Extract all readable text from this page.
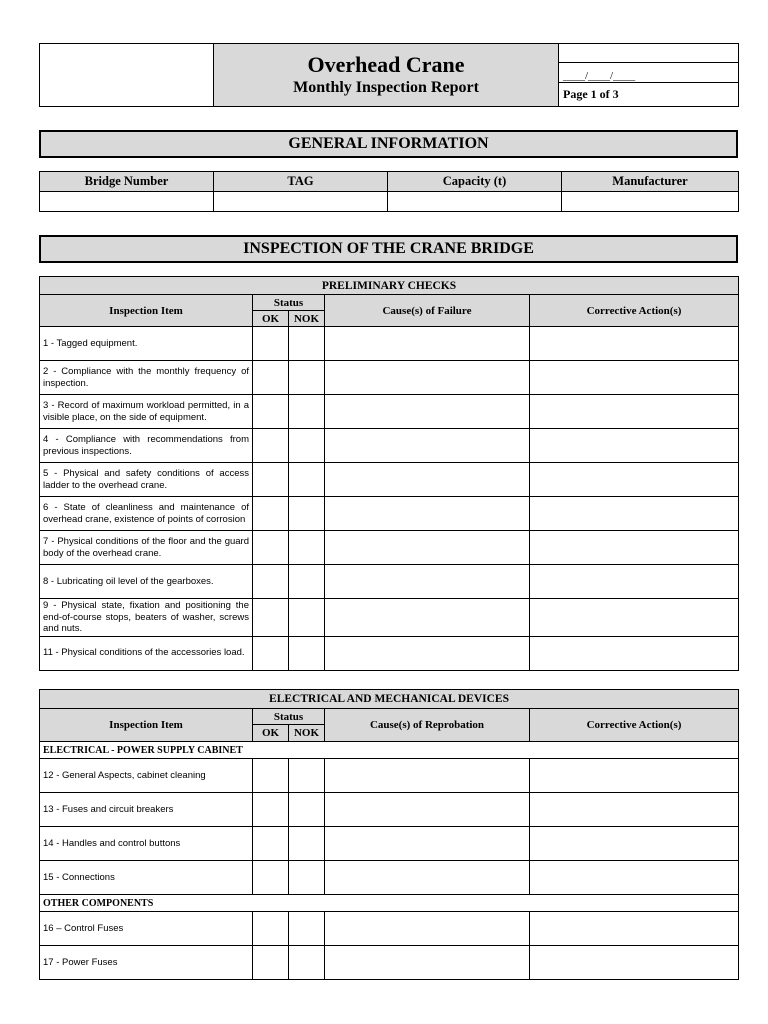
Overhead Crane
Monthly Inspection Report

____/____/____
Page 1 of 3
GENERAL INFORMATION
Bridge Number	TAG	Capacity (t)	Manufacturer

INSPECTION OF THE CRANE BRIDGE
PRELIMINARY CHECKS				
Inspection Item	Status		Cause(s) of Failure	Corrective Action(s)
	OK	NOK		
1 - Tagged equipment.				
2 - Compliance with the monthly frequency of inspection.				
3 - Record of maximum workload permitted, in a visible place, on the side of equipment.				
4 - Compliance with recommendations from previous inspections.				
5 - Physical and safety conditions of access ladder to the overhead crane.				
6 - State of cleanliness and maintenance of overhead crane, existence of points of corrosion				
7 - Physical conditions of the floor and the guard body of the overhead crane.				
8 - Lubricating oil level of the gearboxes.				
9 - Physical state, fixation and positioning the end-of-course stops, beaters of washer, screws and nuts.				
11 - Physical conditions of the accessories load.				
ELECTRICAL AND MECHANICAL DEVICES				
Inspection Item	Status		Cause(s) of Reprobation	Corrective Action(s)
	OK	NOK		
ELECTRICAL - POWER SUPPLY CABINET				
12 - General Aspects, cabinet cleaning				
13 - Fuses and circuit breakers				
14 - Handles and control buttons				
15 - Connections				
OTHER COMPONENTS				
16 – Control Fuses				
17 - Power Fuses				
